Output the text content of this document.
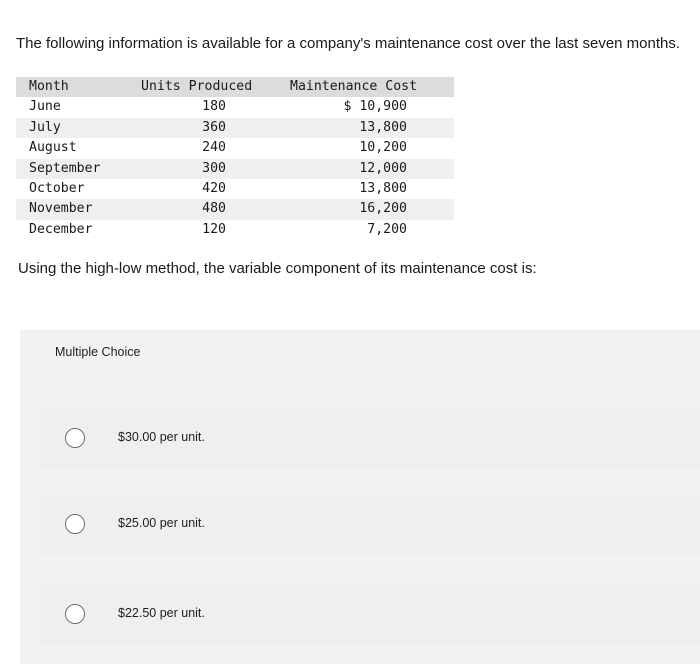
The following information is available for a company's maintenance cost over the last seven months.
Month	Units Produced	Maintenance Cost
June	180	$ 10,900
July	360	13,800
August	240	10,200
September	300	12,000
October	420	13,800
November	480	16,200
December	120	7,200
Using the high-low method, the variable component of its maintenance cost is:
Multiple Choice
$30.00 per unit.
$25.00 per unit.
$22.50 per unit.
